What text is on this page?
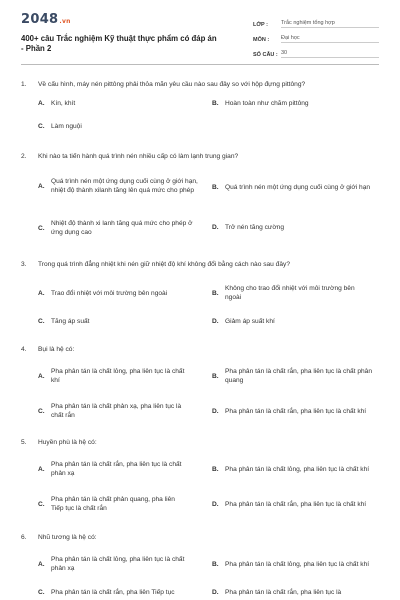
2048.vn
400+ câu Trắc nghiệm Kỹ thuật thực phẩm có đáp án - Phần 2
LỚP :	Trắc nghiệm tổng hợp
MÔN :	Đại học
SỐ CÂU : 30
1.	Về cấu hình, máy nén pittông phải thỏa mãn yêu cầu nào sau đây so với hộp đựng pittông?
A. Kín, khít	B. Hoàn toàn như chăm pittông
C. Làm nguội
2.	Khi nào ta tiến hành quá trình nén nhiều cấp có làm lạnh trung gian?
A.
Quá trình nén một ứng dụng cuối cùng ở giới hạn, nhiệt độ thành xilanh tăng lên quá mức cho phép	B. Quá trình nén một ứng dụng cuối cùng ở giới hạn
C.
Nhiệt độ thành xi lanh tăng quá mức cho phép ở ứng dụng cao
D. Trở nén tăng cường
3.	Trong quá trình đẳng nhiệt khi nén giữ nhiệt độ khí không đổi bằng cách nào sau đây?
A. Trao đổi nhiệt với môi trường bên ngoài	B.
Không cho trao đổi nhiệt với môi trường bên ngoài
C. Tăng áp suất	D. Giảm áp suất khí
4.	Bụi là hệ có:
A.
Pha phân tán là chất lỏng, pha liên tục là chất khí
B.
Pha phân tán là chất rắn, pha liên tục là chất phân quang
C.
Pha phân tán là chất phản xạ, pha liên tục là chất rắn
D. Pha phân tán là chất rắn, pha liên tục là chất khí
5.	Huyền phù là hệ có:
A.
Pha phân tán là chất rắn, pha liên tục là chất phản xạ
B. Pha phân tán là chất lỏng, pha liên tục là chất khí
C.
Pha phân tán là chất phản quang, pha liên Tiếp tục là chất rắn
D. Pha phân tán là chất rắn, pha liên tục là chất khí
6.	Nhũ tương là hệ có:
A.
Pha phân tán là chất lỏng, pha liên tục là chất phản xạ
B. Pha phân tán là chất lỏng, pha liên tục là chất khí
C. Pha phân tán là chất rắn, pha liên Tiếp tục	D. Pha phân tán là chất rắn, pha liên tục là
